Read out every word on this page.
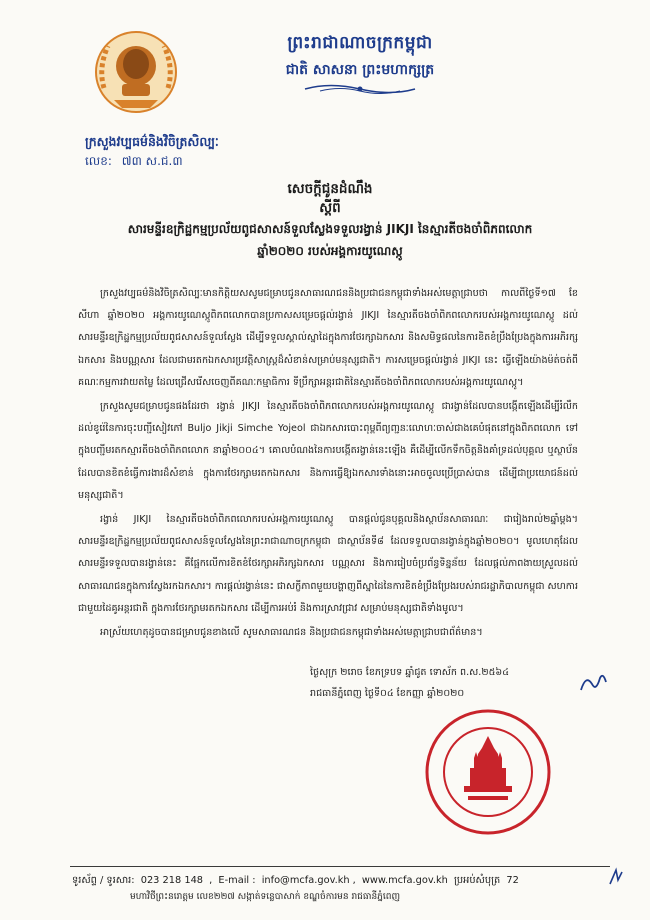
ព្រះរាជាណាចក្រកម្ពុជា
ជាតិ សាសនា ព្រះមហាក្សត្រ
ក្រសួងវប្បធម៌និងវិចិត្រសិល្បៈ
លេខ: ៧៣ ស.ជ.៣
សេចក្ដីជូនដំណឹង
ស្ដីពី
សារមន្ទីរឧក្រិដ្ឋកម្មប្រល័យពូជសាសន៍ទួលស្លែងទទួលរង្វាន់ JIKJI នៃស្មារតីចងចាំពិភពលោក
ឆ្នាំ២០២០ របស់អង្គការយូណេស្កូ

ក្រសួងវប្បធម៌និងវិចិត្រសិល្បៈមានកិត្តិយសសូមជម្រាបជូនសាធារណជននិងប្រជាជនកម្ពុជាទាំងអស់មេត្តាជ្រាបថា កាលពីថ្ងៃទី១៧ ខែសីហា ឆ្នាំ២០២០ អង្គការយូណេស្កូពិភពលោកបានប្រកាសសម្រេចផ្ដល់រង្វាន់ JIKJI នៃស្មារតីចងចាំពិភពលោករបស់អង្គការយូណេស្កូ ដល់សារមន្ទីរឧក្រិដ្ឋកម្មប្រល័យពូជសាសន៍ទួលស្លែង ដើម្បីទទួលស្គាល់ស្នាដៃក្នុងការថែរក្សាឯកសារ និងសមិទ្ធផលនៃការខិតខំប្រឹងប្រែងក្នុងការអភិរក្សឯកសារ និងបណ្ណសារ ដែលជាមរតកឯកសារប្រវត្តិសាស្ត្រដ៏សំខាន់សម្រាប់មនុស្សជាតិ។ ការសម្រេចផ្ដល់រង្វាន់ JIKJI នេះ ធ្វើឡើងយ៉ាងម៉ត់ចត់ពីគណៈកម្មការវាយតម្លៃ ដែលជ្រើសរើសចេញពីគណៈកម្មាធិការ ទីប្រឹក្សាអន្តរជាតិនៃស្មារតីចងចាំពិភពលោករបស់អង្គការយូណេស្កូ។

ក្រសួងសូមជម្រាបជូនផងដែរថា រង្វាន់ JIKJI នៃស្មារតីចងចាំពិភពលោករបស់អង្គការយូណេស្កូ ជារង្វាន់ដែលបានបង្កើតឡើងដើម្បីរំលឹកដល់ខូរ៉េនៃការចុះបញ្ជីសៀវភៅ Buljo Jikji Simche Yojeol ជាឯកសារបោះពុម្ពពីព្យញ្ជនៈលោហៈចាស់ជាងគេបំផុតនៅក្នុងពិភពលោក ទៅក្នុងបញ្ជីមរតកស្មារតីចងចាំពិភពលោក នាឆ្នាំ២០០៤។ គោលបំណងនៃការបង្កើតរង្វាន់នេះឡើង គឺដើម្បីលើកទឹកចិត្តនិងគាំទ្រដល់បុគ្គល ឬស្ថាប័នដែលបានខិតខំធ្វើការងារដ៏សំខាន់ ក្នុងការថែរក្សាមរតកឯកសារ និងការធ្វើឱ្យឯកសារទាំងនោះអាចចូលប្រើប្រាស់បាន ដើម្បីជាប្រយោជន៍ដល់មនុស្សជាតិ។

រង្វាន់ JIKJI នៃស្មារតីចងចាំពិភពលោករបស់អង្គការយូណេស្កូ បានផ្ដល់ជូនបុគ្គលនិងស្ថាប័នសាធារណៈ ជារៀងរាល់២ឆ្នាំម្ដង។ សារមន្ទីរឧក្រិដ្ឋកម្មប្រល័យពូជសាសន៍ទួលស្លែងនៃព្រះរាជាណាចក្រកម្ពុជា ជាស្ថាប័នទី៨ ដែលទទួលបានរង្វាន់ក្នុងឆ្នាំ២០២០។ មូលហេតុដែលសារមន្ទីរទទួលបានរង្វាន់នេះ គឺផ្អែកលើការខិតខំថែរក្សាអភិរក្សឯកសារ បណ្ណសារ និងការរៀបចំប្រព័ន្ធទិន្នន័យ ដែលផ្ដល់ភាពងាយស្រួលដល់សាធារណជនក្នុងការស្វែងរកឯកសារ។ ការផ្ដល់រង្វាន់នេះ ជាសក្ខីភាពមួយបង្ហាញពីស្នាដៃនៃការខិតខំប្រឹងប្រែងរបស់រាជរដ្ឋាភិបាលកម្ពុជា សហការជាមួយដៃគូអន្តរជាតិ ក្នុងការថែរក្សាមរតកឯកសារ ដើម្បីការអប់រំ និងការស្រាវជ្រាវ សម្រាប់មនុស្សជាតិទាំងមូល។

អាស្រ័យហេតុដូចបានជម្រាបជូនខាងលើ សូមសាធារណជន និងប្រជាជនកម្ពុជាទាំងអស់មេត្តាជ្រាបជាព័ត៌មាន។

ថ្ងៃសុក្រ ២រោច ខែភទ្របទ ឆ្នាំជូត ទោស័ក ព.ស.២៥៦៤
រាជធានីភ្នំពេញ ថ្ងៃទី០៤ ខែកញ្ញា ឆ្នាំ២០២០
ទូរស័ព្ទ / ទូរសារ: 023 218 148 , E-mail : info@mcfa.gov.kh , www.mcfa.gov.kh ប្រអប់សំបុត្រ 72
មហាវិថីព្រះនរោត្តម លេខ២២៧ សង្កាត់ទន្លេបាសាក់ ខណ្ឌចំការមន រាជធានីភ្នំពេញ
